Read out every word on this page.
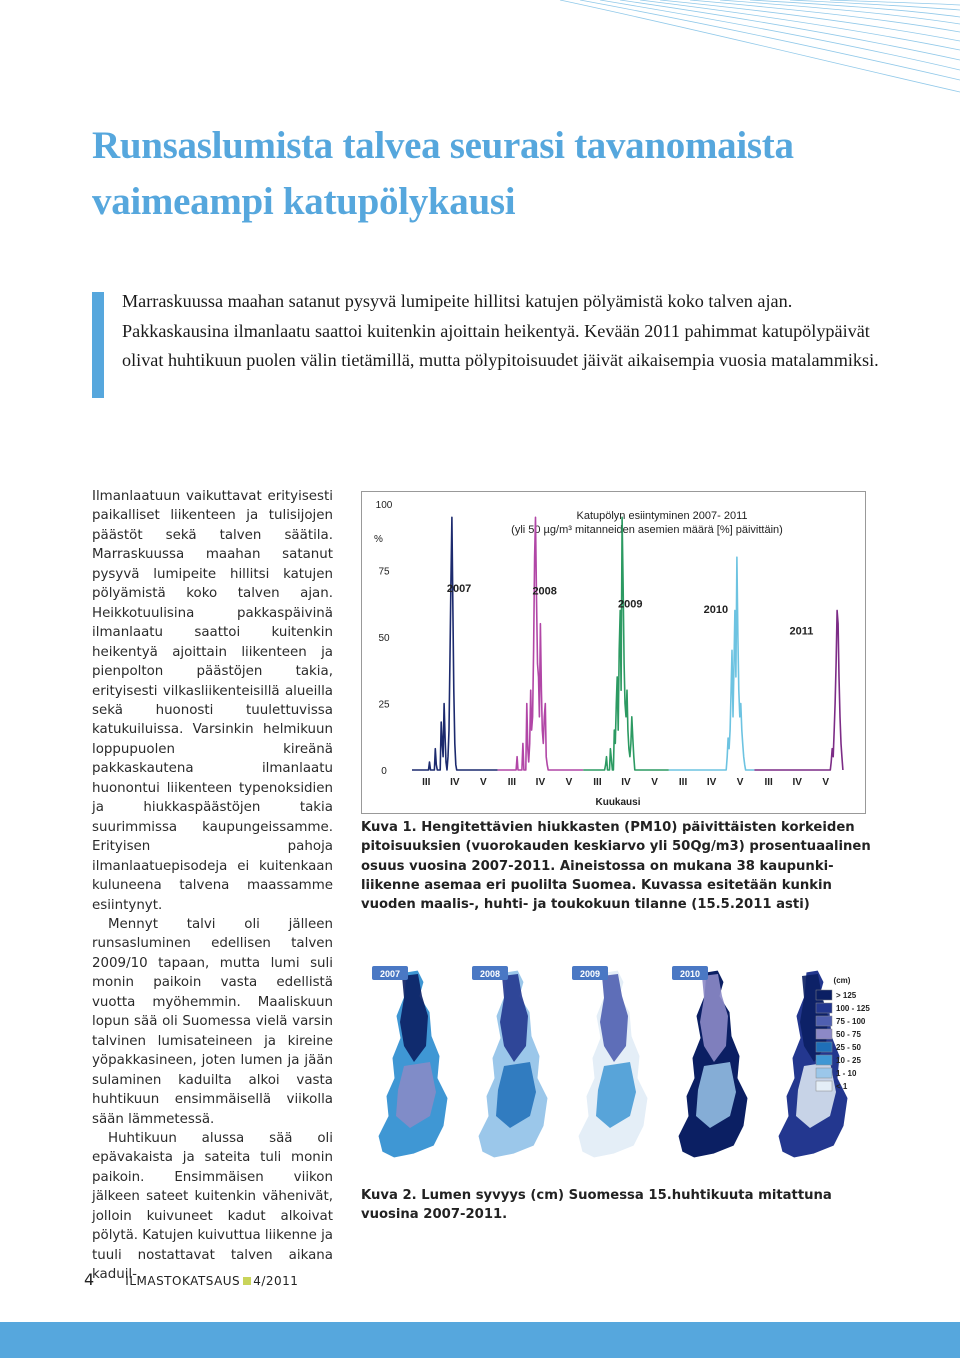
Runsaslumista talvea seurasi tavanomaista
vaimeampi katupölykausi

Marraskuussa maahan satanut pysyvä lumipeite hillitsi katujen pölyämistä koko talven ajan. Pakkaskausina ilmanlaatu saattoi kuitenkin ajoittain heikentyä. Kevään 2011 pahimmat katupölypäivät olivat huhtikuun puolen välin tietämillä, mutta pölypitoisuudet jäivät aikaisempia vuosia matalammiksi.

Ilmanlaatuun vaikuttavat erityisesti paikalliset liikenteen ja tulisijojen päästöt sekä talven säätila. Marraskuussa maahan satanut pysyvä lumipeite hillitsi katujen pölyämistä koko talven ajan. Heikkotuulisina pakkaspäivinä ilmanlaatu saattoi kuitenkin heikentyä ajoittain liikenteen ja pienpolton päästöjen takia, erityisesti vilkasliikenteisillä alueilla sekä huonosti tuulettuvissa katukuiluissa. Varsinkin helmikuun loppupuolen kireänä pakkaskautena ilmanlaatu huonontui liikenteen typenoksidien ja hiukkaspäästöjen takia suurimmissa kaupungeissamme. Erityisen pahoja ilmanlaatuepisodeja ei kuitenkaan kuluneena talvena maassamme esiintynyt.

Mennyt talvi oli jälleen runsasluminen edellisen talven 2009/10 tapaan, mutta lumi suli monin paikoin vasta edellistä vuotta myöhemmin. Maaliskuun lopun sää oli Suomessa vielä varsin talvinen lumisateineen ja kireine yöpakkasineen, joten lumen ja jään sulaminen kaduilta alkoi vasta huhtikuun ensimmäisellä viikolla sään lämmetessä.

Huhtikuun alussa sää oli epävakaista ja sateita tuli monin paikoin. Ensimmäisen viikon jälkeen sateet kuitenkin vähenivät, jolloin kuivuneet kadut alkoivat pölytä. Katujen kuivuttua liikenne ja tuuli nostattavat talven aikana kaduil-

Katupölyn esiintyminen 2007- 2011
(yli 50 µg/m³ mitanneiden asemien määrä [%] päivittäin)
%
Kuukausi
100
75
50
25
0
2007	2008
2009	2010
2011
III IV V III IV V III IV V III IV V III IV V

Kuva 1. Hengitettävien hiukkasten (PM10) päivittäisten korkeiden pitoisuuksien (vuorokauden keskiarvo yli 50Qg/m3) prosentuaalinen osuus vuosina 2007-2011. Aineistossa on mukana 38 kaupunki-liikenne asemaa eri puolilta Suomea. Kuvassa esitetään kunkin vuoden maalis-, huhti- ja toukokuun tilanne (15.5.2011 asti)

2007	2008	2009	2010
(cm)
> 125
100 - 125
75 - 100
50 - 75
25 - 50
10 - 25
1 - 10
< 1

Kuva 2. Lumen syvyys (cm) Suomessa 15.huhtikuuta mitattuna vuosina 2007-2011.

4	ILMASTOKATSAUS 4/2011
